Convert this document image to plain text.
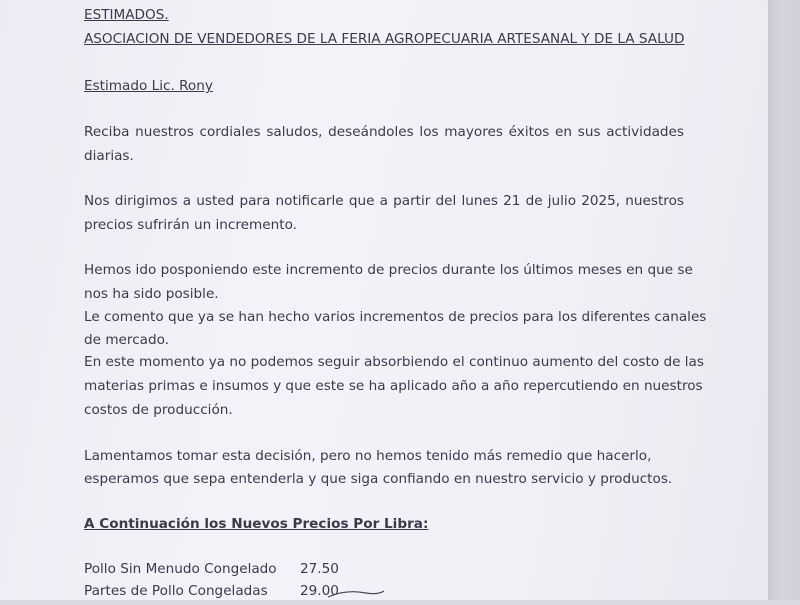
ESTIMADOS.

ASOCIACION DE VENDEDORES DE LA FERIA AGROPECUARIA ARTESANAL Y DE LA SALUD

Estimado Lic. Rony

Reciba nuestros cordiales saludos, deseándoles los mayores éxitos en sus actividades diarias.

Nos dirigimos a usted para notificarle que a partir del lunes 21 de julio 2025, nuestros precios sufrirán un incremento.

Hemos ido posponiendo este incremento de precios durante los últimos meses en que se

nos ha sido posible.

Le comento que ya se han hecho varios incrementos de precios para los diferentes canales

de mercado.

En este momento ya no podemos seguir absorbiendo el continuo aumento del costo de las

materias primas e insumos y que este se ha aplicado año a año repercutiendo en nuestros

costos de producción.

Lamentamos tomar esta decisión, pero no hemos tenido más remedio que hacerlo,

esperamos que sepa entenderla y que siga confiando en nuestro servicio y productos.

A Continuación los Nuevos Precios Por Libra:

Pollo Sin Menudo Congelado 27.50
Partes de Pollo Congeladas 29.00
